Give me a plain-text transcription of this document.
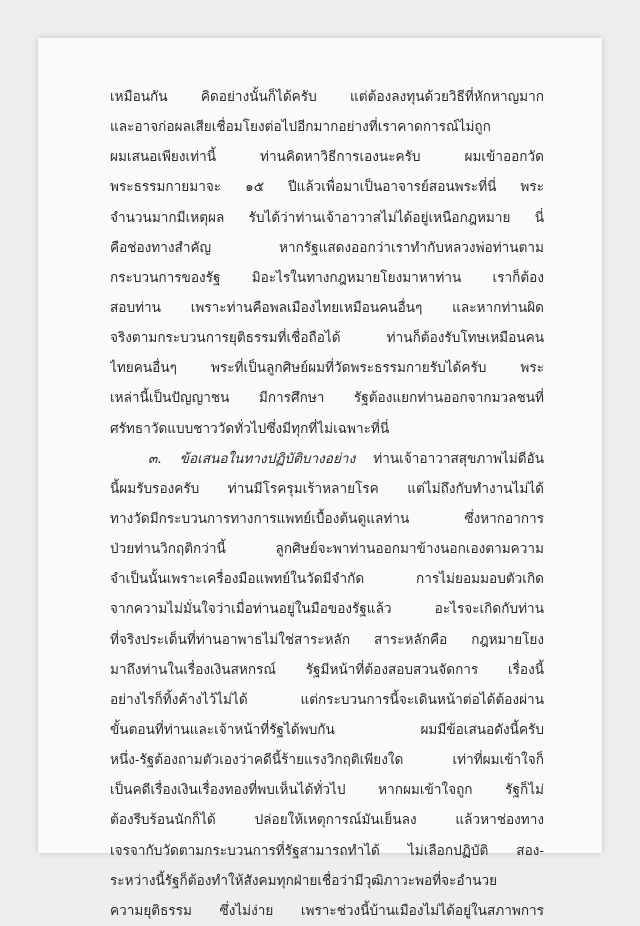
เหมือนกัน คิดอย่างนั้นก็ได้ครับ แต่ต้องลงทุนด้วยวิธีที่หักหาญมาก
และอาจก่อผลเสียเชื่อมโยงต่อไปอีกมากอย่างที่เราคาดการณ์ไม่ถูก
ผมเสนอเพียงเท่านี้ ท่านคิดหาวิธีการเองนะครับ ผมเข้าออกวัด
พระธรรมกายมาจะ ๑๕ ปีแล้วเพื่อมาเป็นอาจารย์สอนพระที่นี่ พระ
จำนวนมากมีเหตุผล รับได้ว่าท่านเจ้าอาวาสไม่ได้อยู่เหนือกฎหมาย นี่
คือช่องทางสำคัญ หากรัฐแสดงออกว่าเราทำกับหลวงพ่อท่านตาม
กระบวนการของรัฐ มิอะไรในทางกฎหมายโยงมาหาท่าน เราก็ต้อง
สอบท่าน เพราะท่านคือพลเมืองไทยเหมือนคนอื่นๆ และหากท่านผิด
จริงตามกระบวนการยุติธรรมที่เชื่อถือได้ ท่านก็ต้องรับโทษเหมือนคน
ไทยคนอื่นๆ พระที่เป็นลูกศิษย์ผมที่วัดพระธรรมกายรับได้ครับ พระ
เหล่านี้เป็นปัญญาชน มีการศึกษา รัฐต้องแยกท่านออกจากมวลชนที่
ศรัทธาวัดแบบชาววัดทั่วไปซึ่งมีทุกที่ไม่เฉพาะที่นี่
๓. ข้อเสนอในทางปฏิบัติบางอย่าง ท่านเจ้าอาวาสสุขภาพไม่ดีอัน
นี้ผมรับรองครับ ท่านมีโรครุมเร้าหลายโรค แต่ไม่ถึงกับทำงานไม่ได้
ทางวัดมีกระบวนการทางการแพทย์เบื้องต้นดูแลท่าน ซึ่งหากอาการ
ป่วยท่านวิกฤติกว่านี้ ลูกศิษย์จะพาท่านออกมาข้างนอกเองตามความ
จำเป็นนั้นเพราะเครื่องมือแพทย์ในวัดมีจำกัด การไม่ยอมมอบตัวเกิด
จากความไม่มั่นใจว่าเมื่อท่านอยู่ในมือของรัฐแล้ว อะไรจะเกิดกับท่าน
ที่จริงประเด็นที่ท่านอาพาธไม่ใช่สาระหลัก สาระหลักคือ กฎหมายโยง
มาถึงท่านในเรื่องเงินสหกรณ์ รัฐมีหน้าที่ต้องสอบสวนจัดการ เรื่องนี้
อย่างไรก็ทิ้งค้างไว้ไม่ได้ แต่กระบวนการนี้จะเดินหน้าต่อได้ต้องผ่าน
ขั้นตอนที่ท่านและเจ้าหน้าที่รัฐได้พบกัน ผมมีข้อเสนอดังนี้ครับ
หนึ่ง-รัฐต้องถามตัวเองว่าคดีนี้ร้ายแรงวิกฤติเพียงใด เท่าที่ผมเข้าใจก็
เป็นคดีเรื่องเงินเรื่องทองที่พบเห็นได้ทั่วไป หากผมเข้าใจถูก รัฐก็ไม่
ต้องรีบร้อนนักก็ได้ ปล่อยให้เหตุการณ์มันเย็นลง แล้วหาช่องทาง
เจรจากับวัดตามกระบวนการที่รัฐสามารถทำได้ ไม่เลือกปฏิบัติ สอง-
ระหว่างนี้รัฐก็ต้องทำให้สังคมทุกฝ่ายเชื่อว่ามีวุฒิภาวะพอที่จะอำนวย
ความยุติธรรม ซึ่งไม่ง่าย เพราะช่วงนี้บ้านเมืองไม่ได้อยู่ในสภาพการ
